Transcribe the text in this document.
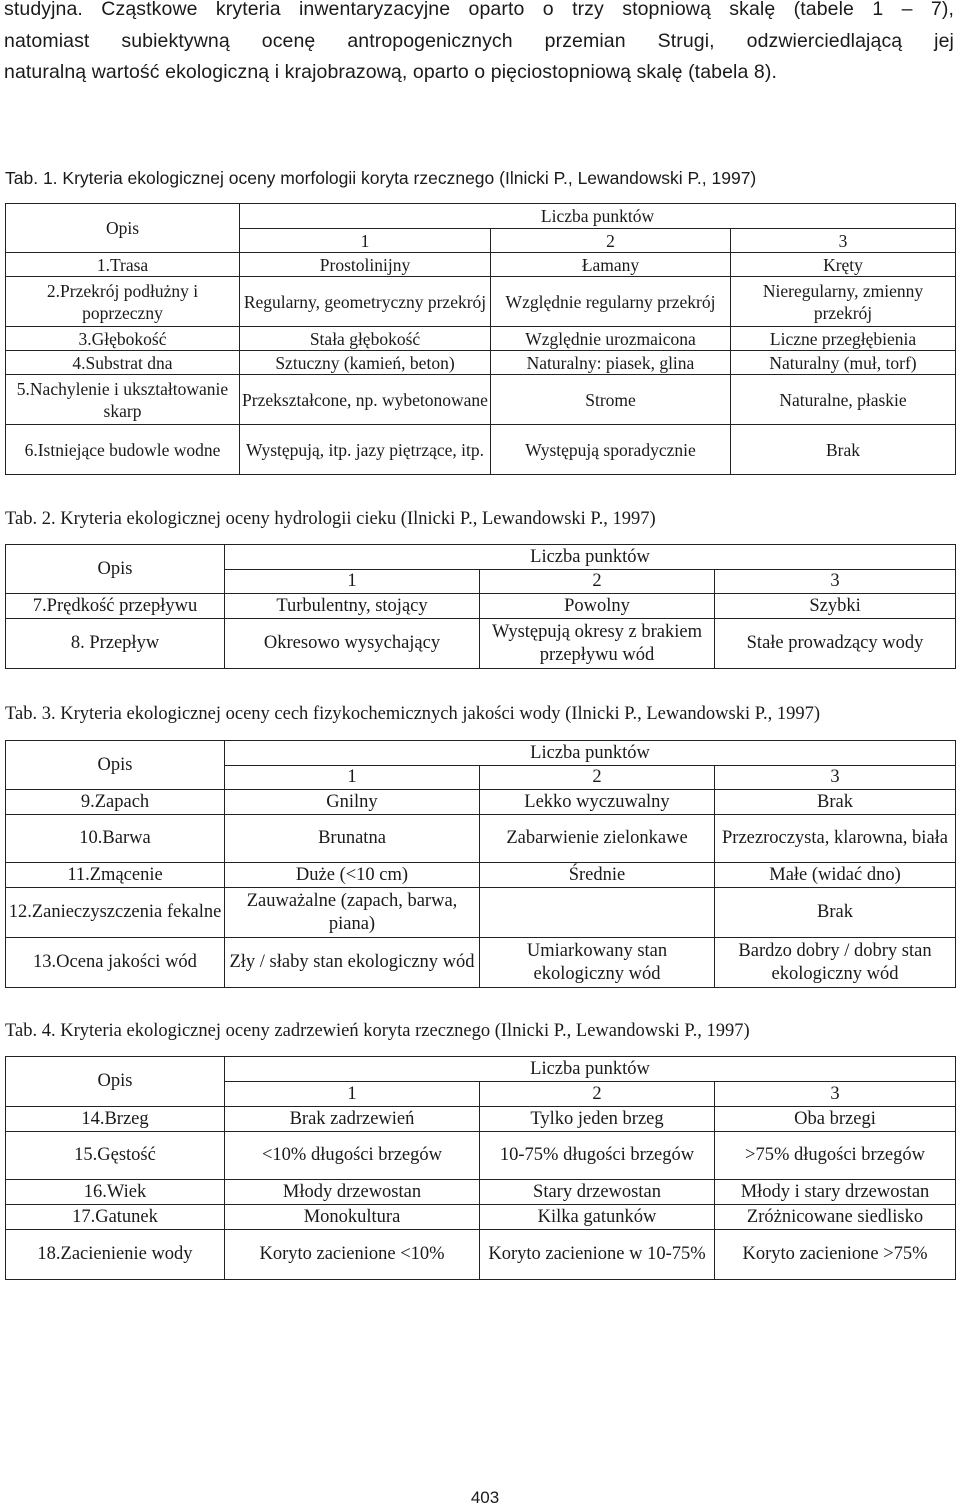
studyjna. Cząstkowe kryteria inwentaryzacyjne oparto o trzy stopniową skalę (tabele 1 – 7),
natomiast subiektywną ocenę antropogenicznych przemian Strugi, odzwierciedlającą jej
naturalną wartość ekologiczną i krajobrazową, oparto o pięciostopniową skalę (tabela 8).
Tab. 1. Kryteria ekologicznej oceny morfologii koryta rzecznego (Ilnicki P., Lewandowski P., 1997)
Opis	Liczba punktów		
	1	2	3
1.Trasa	Prostolinijny	Łamany	Kręty
2.Przekrój podłużny i poprzeczny	Regularny, geometryczny przekrój	Względnie regularny przekrój	Nieregularny, zmienny przekrój
3.Głębokość	Stała głębokość	Względnie urozmaicona	Liczne przegłębienia
4.Substrat dna	Sztuczny (kamień, beton)	Naturalny: piasek, glina	Naturalny (muł, torf)
5.Nachylenie i ukształtowanie skarp	Przekształcone, np. wybetonowane	Strome	Naturalne, płaskie
6.Istniejące budowle wodne	Występują, itp. jazy piętrzące, itp.	Występują sporadycznie	Brak
Tab. 2. Kryteria ekologicznej oceny hydrologii cieku (Ilnicki P., Lewandowski P., 1997)
Opis	Liczba punktów		
	1	2	3
7.Prędkość przepływu	Turbulentny, stojący	Powolny	Szybki
8. Przepływ	Okresowo wysychający	Występują okresy z brakiem przepływu wód	Stałe prowadzący wody
Tab. 3. Kryteria ekologicznej oceny cech fizykochemicznych jakości wody (Ilnicki P., Lewandowski P., 1997)
Opis	Liczba punktów		
	1	2	3
9.Zapach	Gnilny	Lekko wyczuwalny	Brak
10.Barwa	Brunatna	Zabarwienie zielonkawe	Przezroczysta, klarowna, biała
11.Zmącenie	Duże (<10 cm)	Średnie	Małe (widać dno)
12.Zanieczyszczenia fekalne	Zauważalne (zapach, barwa, piana)		Brak
13.Ocena jakości wód	Zły / słaby stan ekologiczny wód	Umiarkowany stan ekologiczny wód	Bardzo dobry / dobry stan ekologiczny wód
Tab. 4. Kryteria ekologicznej oceny zadrzewień koryta rzecznego (Ilnicki P., Lewandowski P., 1997)
Opis	Liczba punktów		
	1	2	3
14.Brzeg	Brak zadrzewień	Tylko jeden brzeg	Oba brzegi
15.Gęstość	<10% długości brzegów	10-75% długości brzegów	>75% długości brzegów
16.Wiek	Młody drzewostan	Stary drzewostan	Młody i stary drzewostan
17.Gatunek	Monokultura	Kilka gatunków	Zróżnicowane siedlisko
18.Zacienienie wody	Koryto zacienione <10%	Koryto zacienione w 10-75%	Koryto zacienione >75%
403
